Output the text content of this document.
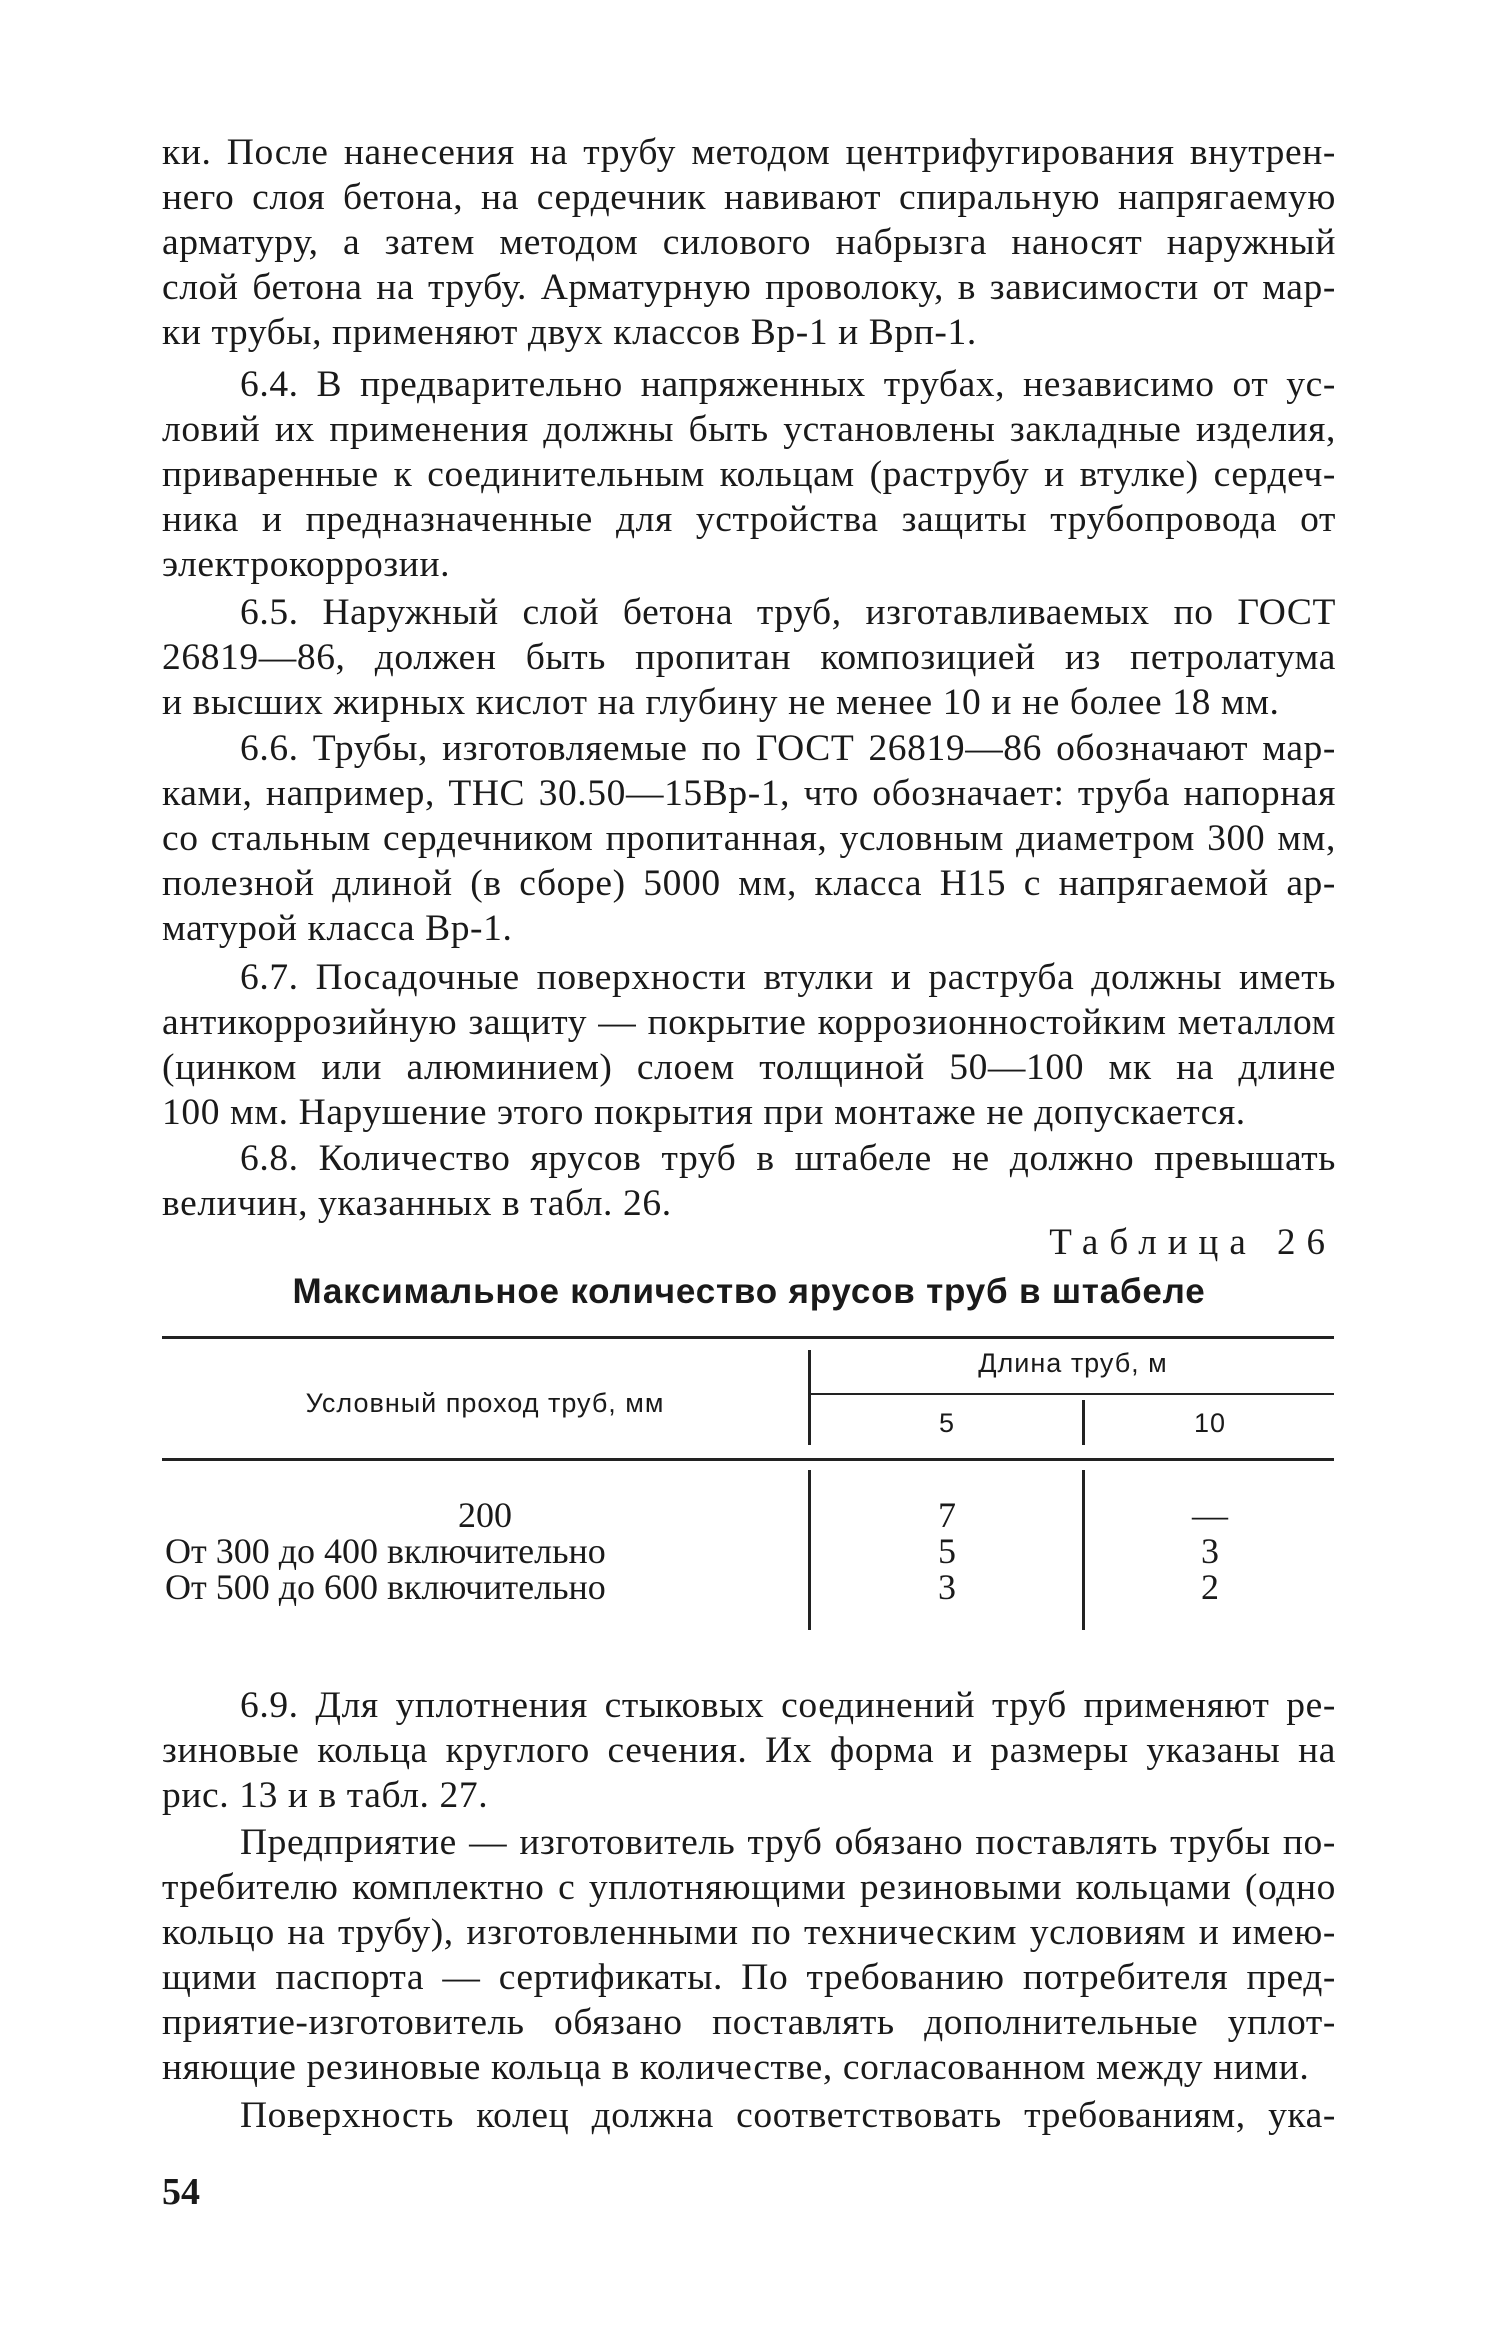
ки. После нанесения на трубу методом центрифугирования внутрен-
него слоя бетона, на сердечник навивают спиральную напрягаемую
арматуру, а затем методом силового набрызга наносят наружный
слой бетона на трубу. Арматурную проволоку, в зависимости от мар-
ки трубы, применяют двух классов Вр-1 и Врп-1.
6.4. В предварительно напряженных трубах, независимо от ус-
ловий их применения должны быть установлены закладные изделия,
приваренные к соединительным кольцам (раструбу и втулке) сердеч-
ника и предназначенные для устройства защиты трубопровода от
электрокоррозии.
6.5. Наружный слой бетона труб, изготавливаемых по ГОСТ
26819—86, должен быть пропитан композицией из петролатума
и высших жирных кислот на глубину не менее 10 и не более 18 мм.
6.6. Трубы, изготовляемые по ГОСТ 26819—86 обозначают мар-
ками, например, ТНС 30.50—15Вр-1, что обозначает: труба напорная
со стальным сердечником пропитанная, условным диаметром 300 мм,
полезной длиной (в сборе) 5000 мм, класса Н15 с напрягаемой ар-
матурой класса Вр-1.
6.7. Посадочные поверхности втулки и раструба должны иметь
антикоррозийную защиту — покрытие коррозионностойким металлом
(цинком или алюминием) слоем толщиной 50—100 мк на длине
100 мм. Нарушение этого покрытия при монтаже не допускается.
6.8. Количество ярусов труб в штабеле не должно превышать
величин, указанных в табл. 26.
Таблица 26
Максимальное количество ярусов труб в штабеле
Условный проход труб, мм
Длина труб, м
5	10
200	7	—
От 300 до 400 включительно	5	3
От 500 до 600 включительно	3	2
6.9. Для уплотнения стыковых соединений труб применяют ре-
зиновые кольца круглого сечения. Их форма и размеры указаны на
рис. 13 и в табл. 27.
Предприятие — изготовитель труб обязано поставлять трубы по-
требителю комплектно с уплотняющими резиновыми кольцами (одно
кольцо на трубу), изготовленными по техническим условиям и имею-
щими паспорта — сертификаты. По требованию потребителя пред-
приятие-изготовитель обязано поставлять дополнительные уплот-
няющие резиновые кольца в количестве, согласованном между ними.
Поверхность колец должна соответствовать требованиям, ука-
54
